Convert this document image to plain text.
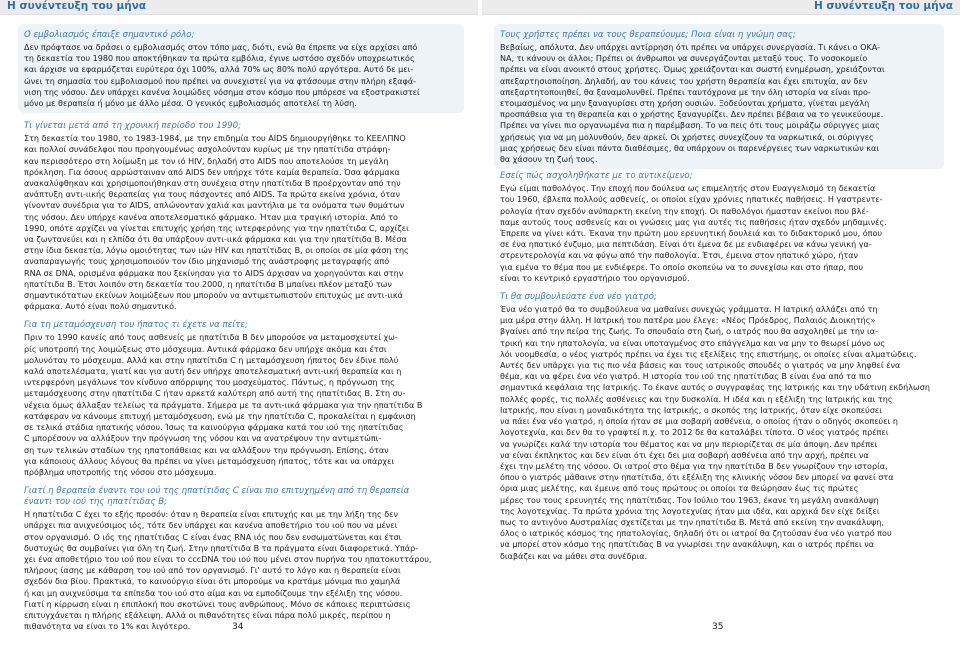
Η συνέντευξη του μήνα

Ο εμβολιασμός έπαιξε σημαντικό ρόλο;

Δεν πρόφτασε να δράσει ο εμβολιασμός στον τόπο μας, διότι, ενώ θα έπρεπε να είχε αρχίσει από
τη δεκαετία του 1980 που αποκτήθηκαν τα πρώτα εμβόλια, έγινε ωστόσο σχεδόν υποχρεωτικός
και άρχισε να εφαρμόζεται ευρύτερα όχι 100%, αλλά 70% ως 80% πολύ αργότερα. Αυτό δε μει-
ώνει τη σημασία του εμβολιασμού που πρέπει να συνεχιστεί για να φτάσουμε στην πλήρη εξαφά-
νιση της νόσου. Δεν υπάρχει κανένα λοιμώδες νόσημα στον κόσμο που μπόρεσε να εξοστρακιστεί
μόνο με θεραπεία ή μόνο με άλλο μέσα. Ο γενικός εμβολιασμός αποτελεί τη λύση.

Τι γίνεται μετά από τη χρονική περίοδο του 1990;

Στη δεκαετία του 1980, το 1983-1984, με την επιδημία του AIDS δημιουργήθηκε το ΚΕΕΛΠΝΟ
και πολλοί συνάδελφοι που προηγουμένως ασχολούνταν κυρίως με την ηπατίτιδα στράφη-
καν περισσότερο στη λοίμωξη με τον ιό HIV, δηλαδή στο AIDS που αποτελούσε τη μεγάλη
πρόκληση. Για όσους αρρώσταιναν από AIDS δεν υπήρχε τότε καμία θεραπεία. Όσα φάρμακα
ανακαλύφθηκαν και χρησιμοποιήθηκαν στη συνέχεια στην ηπατίτιδα Β προέρχονταν από την
ανάπτυξη αντι-ιικής θεραπείας για τους πάσχοντες από AIDS. Τα πρώτα εκείνα χρόνια, όταν
γίνονταν συνέδρια για το AIDS, απλώνονταν χαλιά και μαντήλια με τα ονόματα των θυμάτων
της νόσου. Δεν υπήρχε κανένα αποτελεσματικό φάρμακο. Ήταν μια τραγική ιστορία. Από το
1990, οπότε αρχίζει να γίνεται επιτυχής χρήση της ιντερφερόνης για την ηπατίτιδα C, αρχίζει
να ζωντανεύει και η ελπίδα ότι θα υπάρξουν αντι-ιικά φάρμακα και για την ηπατίτιδα Β. Μέσα
στην ίδια δεκαετία, λόγω ομοιότητας των ιών HIV και ηπατίτιδας Β, οι οποίοι σε μία φάση της
αναπαραγωγής τους χρησιμοποιούν τον ίδιο μηχανισμό της ανάστροφης μεταγραφής από
RNA σε DNA, ορισμένα φάρμακα που ξεκίνησαν για το AIDS άρχισαν να χορηγούνται και στην
ηπατίτιδα Β. Έτσι λοιπόν στη δεκαετία του 2000, η ηπατίτιδα Β μπαίνει πλέον μεταξύ των
σημαντικότατων εκείνων λοιμώξεων που μπορούν να αντιμετωπιστούν επιτυχώς με αντι-ιικά
φάρμακα. Αυτό είναι πολύ σημαντικό.

Για τη μεταμόσχευση του ήπατος τι έχετε να πείτε;

Πριν το 1990 κανείς από τους ασθενείς με ηπατίτιδα Β δεν μπορούσε να μεταμοσχευτεί χω-
ρίς υποτροπή της λοιμώξεως στο μόσχευμα. Αντιικά φάρμακα δεν υπήρχε ακόμα και έτσι
μολυνόταν το μόσχευμα. Αλλά και στην ηπατίτιδα C η μεταμόσχευση ήπατος δεν έδινε πολύ
καλά αποτελέσματα, γιατί και για αυτή δεν υπήρχε αποτελεσματική αντι-ιική θεραπεία και η
ιντερφερόνη μεγάλωνε τον κίνδυνο απόρριψης του μοσχεύματος. Πάντως, η πρόγνωση της
μεταμόσχευσης στην ηπατίτιδα C ήταν αρκετά καλύτερη από αυτή της ηπατίτιδας Β. Στη συ-
νέχεια όμως άλλαξαν τελείως τα πράγματα. Σήμερα με τα αντι-ιικά φάρμακα για την ηπατίτιδα Β
κατάφεραν να κάνουμε επιτυχή μεταμόσχευση, ενώ με την ηπατίτιδα C, προκαλείται η εμφάνιση
σε τελικά στάδια ηπατικής νόσου. Ίσως τα καινούργια φάρμακα κατά του ιού της ηπατίτιδας
C μπορέσουν να αλλάξουν την πρόγνωση της νόσου και να ανατρέψουν την αντιμετώπι-
ση των τελικών σταδίων της ηπατοπάθειας και να αλλάξουν την πρόγνωση. Επίσης, όταν
για κάποιους άλλους λόγους θα πρέπει να γίνει μεταμόσχευση ήπατος, τότε και να υπάρχει
πρόβλημα υποτροπής της νόσου στο μόσχευμα.

Γιατί η θεραπεία έναντι του ιού της ηπατίτιδας C είναι πιο επιτυχημένη από τη θεραπεία
έναντι του ιού της ηπατίτιδας Β;

Η ηπατίτιδα C έχει το εξής προσόν: όταν η θεραπεία είναι επιτυχής και με την λήξη της δεν
υπάρχει πια ανιχνεύσιμος ιός, τότε δεν υπάρχει και κανένα αποθετήριο του ιού που να μένει
στον οργανισμό. Ο ιός της ηπατίτιδας C είναι ένας RNA ιός που δεν ενσωματώνεται και έτσι
δυστυχώς θα συμβαίνει για όλη τη ζωή. Στην ηπατίτιδα Β τα πράγματα είναι διαφορετικά. Υπάρ-
χει ένα αποθετήριο του ιού που είναι το cccDNA του ιού που μένει στον πυρήνα του ηπατοκυττάρου,
πλήρους ίασης με κάθαρση του ιού από τον οργανισμό. Γι' αυτό το λόγο και η θεραπεία είναι
σχεδόν δια βίου. Πρακτικά, το καινούργιο είναι ότι μπορούμε να κρατάμε μόνιμα πιο χαμηλά
ή και μη ανιχνεύσιμα τα επίπεδα του ιού στο αίμα και να εμποδίζουμε την εξέλιξη της νόσου.
Γιατί η κίρρωση είναι η επιπλοκή που σκοτώνει τους ανθρώπους. Μόνο σε κάποιες περιπτώσεις
επιτυγχάνεται η πλήρης εξάλειψη. Αλλά οι πιθανότητες είναι πάρα πολύ μικρές, περίπου η
πιθανότητα να είναι το 1% και λιγότερο.	34
Η συνέντευξη του μήνα

Τους χρήστες πρέπει να τους θεραπεύουμε; Ποια είναι η γνώμη σας;

Βεβαίως, απόλυτα. Δεν υπάρχει αντίρρηση ότι πρέπει να υπάρχει συνεργασία. Τι κάνει ο ΟΚΑ-
ΝΑ, τι κάνουν οι άλλοι; Πρέπει οι άνθρωποι να συνεργάζονται μεταξύ τους. Το νοσοκομείο
πρέπει να είναι ανοικτό στους χρήστες. Όμως χρειάζονται και σωστή ενημέρωση, χρειάζονται
απεξαρτησιοποίηση. Δηλαδή, αν του κάνεις του χρήστη θεραπεία και έχει επιτυχία, αν δεν
απεξαρτητοποιηθεί, θα ξαναμολυνθεί. Πρέπει ταυτόχρονα με την όλη ιστορία να είναι προ-
ετοιμασμένος να μην ξαναγυρίσει στη χρήση ουσιών. Ξοδεύονται χρήματα, γίνεται μεγάλη
προσπάθεια για τη θεραπεία και ο χρήστης ξαναγυρίζει. Δεν πρέπει βέβαια να το γενικεύουμε.
Πρέπει να γίνει πιο οργανωμένα πια η παρέμβαση. Το να πεις ότι τους μοιράζω σύριγγες μιας
χρήσεως για να μη μολυνθούν, δεν αρκεί. Οι χρήστες συνεχίζουν τα ναρκωτικά, οι σύριγγες
μιας χρήσεως δεν είναι πάντα διαθέσιμες, θα υπάρχουν οι παρενέργειες των ναρκωτικών και
θα χάσουν τη ζωή τους.

Εσείς πώς ασχοληθήκατε με το αντικείμενο;

Εγώ είμαι παθολόγος. Την εποχή που δούλευα ως επιμελητής στον Ευαγγελισμό τη δεκαετία
του 1960, έβλεπα πολλούς ασθενείς, οι οποίοι είχαν χρόνιες ηπατικές παθήσεις. Η γαστρεντε-
ρολογία ήταν σχεδόν ανύπαρκτη εκείνη την εποχή. Οι παθολόγοι ήμασταν εκείνοι που βλέ-
παμε αυτούς τους ασθενείς και οι γνώσεις μας για αυτές τις παθήσεις ήταν σχεδόν μηδαμινές.
Έπρεπε να γίνει κάτι. Έκανα την πρώτη μου ερευνητική δουλειά και το διδακτορικό μου, όπου
σε ένα ηπατικό ένζυμο, μια πεπτιδάση. Είναι ότι έμενα δε με ενδιαφέρει να κάνω γενική γα-
στρεντερολογία και να φύγω από την παθολογία. Έτσι, έμεινα στον ηπατικό χώρο, ήταν
για εμένα το θέμα που με ενδιέφερε. Το οποίο σκοπεύω να το συνεχίσω και στο ήπαρ, που
είναι το κεντρικό εργαστήριο του οργανισμού.

Τι θα συμβουλεύατε ένα νέο γιατρό;

Ένα νέο γιατρό θα το συμβούλευα να μαθαίνει συνεχώς γράμματα. Η Ιατρική αλλάζει από τη
μια μέρα στην άλλη. Η Ιατρική του πατέρα μου έλεγε: «Νέος Πρόεδρος, Παλαιός Διοικητής»
βγαίνει από την πείρα της ζωής. Το σπουδαίο στη ζωή, ο ιατρός που θα ασχοληθεί με την ια-
τρική και την ηπατολογία, να είναι υποταγμένος στο επάγγελμα και να μην το θεωρεί μόνο ως
λόι νοομθεσία, ο νέος γιατρός πρέπει να έχει τις εξελίξεις της επιστήμης, οι οποίες είναι αλματώδεις.
Αυτές δεν υπάρχει για τις πιο νέα βάσεις και τους ιατρικούς σπουδές ο γιατρός να μην ληφθεί ένα
θέμα, και να φέρει ένα νέο γιατρό. Η ιστορία του ιού της ηπατίτιδας Β είναι ένα από τα πιο
σημαντικά κεφάλαια της Ιατρικής. Το έκανε αυτός ο συγγραφέας της Ιατρικής και την υδάτινη εκδήλωση
πολλές φορές, τις πολλές ασθένειες και την δυσκολία. Η ιδέα και η εξέλιξη της Ιατρικής και της
Ιατρικής, που είναι η μοναδικότητα της Ιατρικής, ο σκοπός της Ιατρικής, όταν είχε σκοπεύσει
να πάει ένα νέο γιατρό, η οποία ήταν σε μια σοβαρή ασθένεια, ο οποίος ήταν ο οδηγός σκοπεύει η
λογοτεχνία, και δεν θα το γραφτεί π.χ. το 2012 δε θα καταλάβει τίποτα. Ο νέος γιατρός πρέπει
να γνωρίζει καλά την ιστορία του θέματος και να μην περιορίζεται σε μία άποψη. Δεν πρέπει
να είναι έκπληκτος και δεν είναι ότι έχει δει μια σοβαρή ασθένεια από την αρχή, πρέπει να
έχει την μελέτη της νόσου. Οι ιατροί στο θέμα για την ηπατίτιδα Β δεν γνωρίζουν την ιστορία,
όπου ο γιατρός μάθαινε στην ηπατίτιδα, ότι εξέλιξη της κλινικής νόσου δεν μπορεί να φανεί στα
όρια μιας μελέτης, και έμεινε από τους πρώτους οι οποίοι τα θεώρησαν έως τις πρώτες
μέρες του τους ερευνητές της ηπατίτιδας. Τον Ιούλιο του 1963, έκανε τη μεγάλη ανακάλυψη
της λογοτεχνίας. Τα πρώτα χρόνια της λογοτεχνίας ήταν μια ιδέα, και αρχικά δεν είχε δείξει
πως το αντιγόνο Αυστραλίας σχετίζεται με την ηπατίτιδα Β. Μετά από εκείνη την ανακάλυψη,
όλος ο ιατρικός κόσμος της ηπατολογίας, δηλαδή ότι οι ιατροί θα ζητούσαν ένα νέο γιατρό που
να μπορεί στον κόσμο της ηπατίτιδας Β να γνωρίσει την ανακάλυψη, και ο ιατρός πρέπει να
διαβάζει και να μάθει στα συνέδρια.

35
